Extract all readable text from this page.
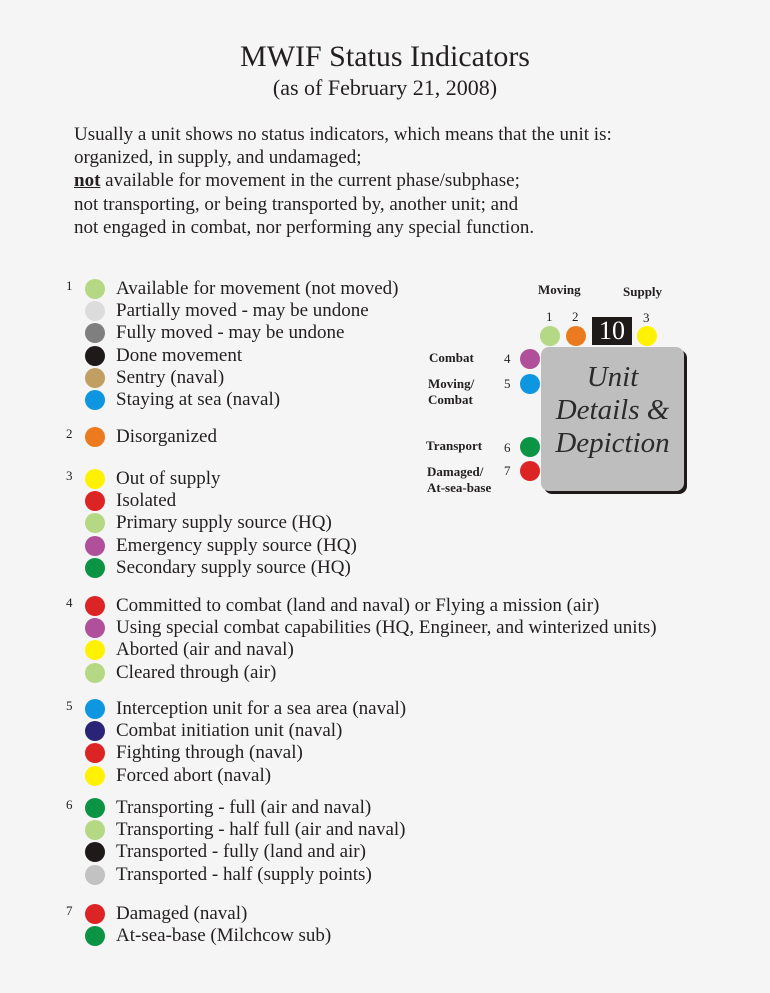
MWIF Status Indicators
(as of February 21, 2008)
Usually a unit shows no status indicators, which means that the unit is:
organized, in supply, and undamaged;
not available for movement in the current phase/subphase;
not transporting, or being transported by, another unit; and
not engaged in combat, nor performing any special function.
1 Available for movement (not moved)
Partially moved - may be undone
Fully moved - may be undone
Done movement
Sentry (naval)
Staying at sea (naval)
2 Disorganized
3 Out of supply
Isolated
Primary supply source (HQ)
Emergency supply source (HQ)
Secondary supply source (HQ)
4 Committed to combat (land and naval) or Flying a mission (air)
Using special combat capabilities (HQ, Engineer, and winterized units)
Aborted (air and naval)
Cleared through (air)
5 Interception unit for a sea area (naval)
Combat initiation unit (naval)
Fighting through (naval)
Forced abort (naval)
6 Transporting - full (air and naval)
Transporting - half full (air and naval)
Transported - fully (land and air)
Transported - half (supply points)
7 Damaged (naval)
At-sea-base (Milchcow sub)
Moving	Supply
1 2	3
10
Combat 4
Moving/
Combat
5
Transport 6
Damaged/
At-sea-base
7
Unit
Details &
Depiction
